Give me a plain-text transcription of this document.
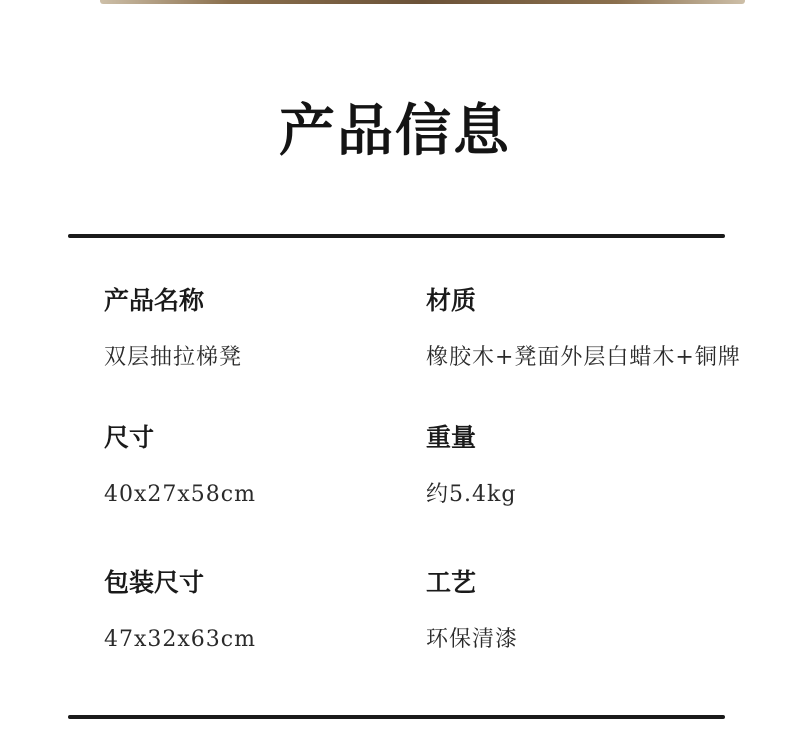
产品信息
产品名称
双层抽拉梯凳
材质
橡胶木+凳面外层白蜡木+铜牌
尺寸
40x27x58cm
重量
约5.4kg
包装尺寸
47x32x63cm
工艺
环保清漆
